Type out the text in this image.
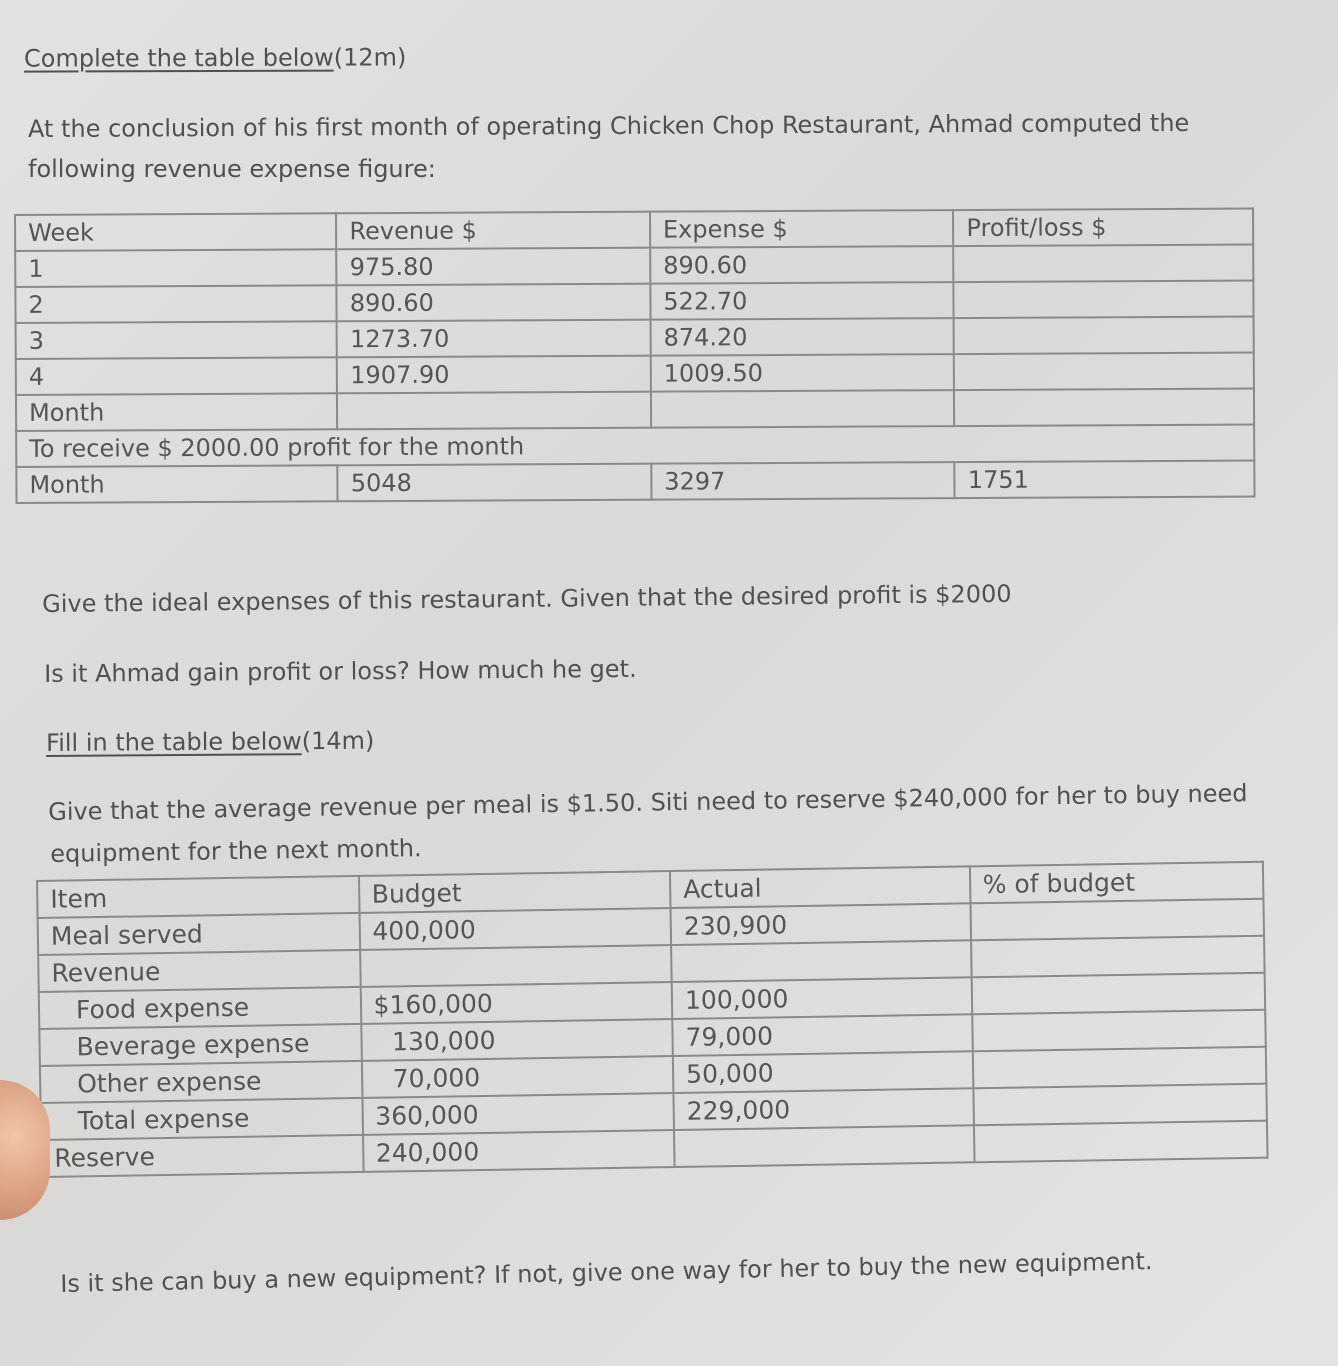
Complete the table below(12m)
At the conclusion of his first month of operating Chicken Chop Restaurant, Ahmad computed the
following revenue expense figure:
Week	Revenue $	Expense $	Profit/loss $
1	975.80	890.60	
2	890.60	522.70	
3	1273.70	874.20	
4	1907.90	1009.50	
Month			
To receive $ 2000.00 profit for the month			
Month	5048	3297	1751
Give the ideal expenses of this restaurant. Given that the desired profit is $2000
Is it Ahmad gain profit or loss? How much he get.
Fill in the table below(14m)
Give that the average revenue per meal is $1.50. Siti need to reserve $240,000 for her to buy need
equipment for the next month.
Item	Budget	Actual	% of budget
Meal served	400,000	230,900	
Revenue			
Food expense	$160,000	100,000	
Beverage expense	130,000	79,000	
Other expense	70,000	50,000	
Total expense	360,000	229,000	
Reserve	240,000		
Is it she can buy a new equipment? If not, give one way for her to buy the new equipment.
